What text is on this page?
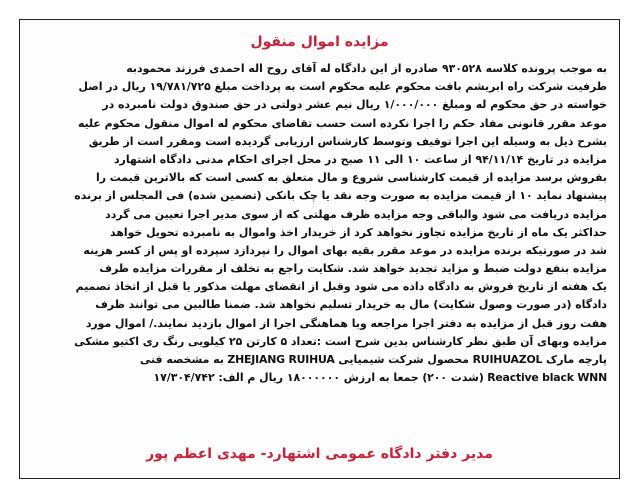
مزایده اموال منقول
به موجب پرونده کلاسه ۹۳۰۵۲۸ صادره از این دادگاه له آقای روح اله احمدی فرزند محمودبه
طرفیت شرکت راه ابریشم بافت محکوم علیه محکوم است به پرداخت مبلغ ۱۹/۷۸۱/۷۲۵ ریال در اصل
خواسته در حق محکوم له ومبلغ ۱/۰۰۰/۰۰۰ ریال نیم عشر دولتی در حق صندوق دولت نامبرده در
موعد مقرر قانونی مفاد حکم را اجرا نکرده است حسب تقاضای محکوم له اموال منقول محکوم علیه
بشرح ذیل به وسیله این اجرا توقیف وتوسط کارشناس ارزیابی گردیده است ومقرر است از طریق
مزایده در تاریخ ۹۴/۱۱/۱۴ از ساعت ۱۰ الی ۱۱ صبح در محل اجرای احکام مدنی دادگاه اشتهارد
بفروش برسد مزایده از قیمت کارشناسی شروع و مال متعلق به کسی است که بالاترین قیمت را
پیشنهاد نماید ۱۰ از قیمت مزایده به صورت وجه نقد یا چک بانکی (تضمین شده) فی المجلس از برنده
مزایده دریافت می شود والباقی وجه مزایده ظرف مهلتی که از سوی مدیر اجرا تعیین می گردد
حداکثر یک ماه از تاریخ مزایده تجاوز نخواهد کرد از خریدار اخذ واموال به نامبرده تحویل خواهد
شد در صورتیکه برنده مزایده در موعد مقرر بقیه بهای اموال را نپردازد سپرده او پس از کسر هزینه
مزایده بنفع دولت ضبط و مزاید تجدید خواهد شد. شکایت راجع به تخلف از مقررات مزایده ظرف
یک هفته از تاریخ فروش به دادگاه داده می شود وقبل از انقضای مهلت مذکور یا قبل از اتخاذ تصمیم
دادگاه (در صورت وصول شکایت) مال به خریدار تسلیم نخواهد شد. ضمنا طالبین می توانند ظرف
هفت روز قبل از مزایده به دفتر اجرا مراجعه وبا هماهنگی اجرا از اموال بازدید نمایند./ اموال مورد
مزایده وبهای آن طبق نظر کارشناس بدین شرح است :تعداد ۵ کارتن ۲۵ کیلویی رنگ ری اکتیو مشکی
پارچه مارک RUIHUAZOL محصول شرکت شیمیایی ZHEJIANG RUIHUA به مشخصه فنی
Reactive black WNN (شدت ۲۰۰) جمعا به ارزش ۱۸۰۰۰۰۰۰ ریال م الف: ۱۷/۳۰۴/۷۴۲
مدیر دفتر دادگاه عمومی اشتهارد- مهدی اعظم پور
